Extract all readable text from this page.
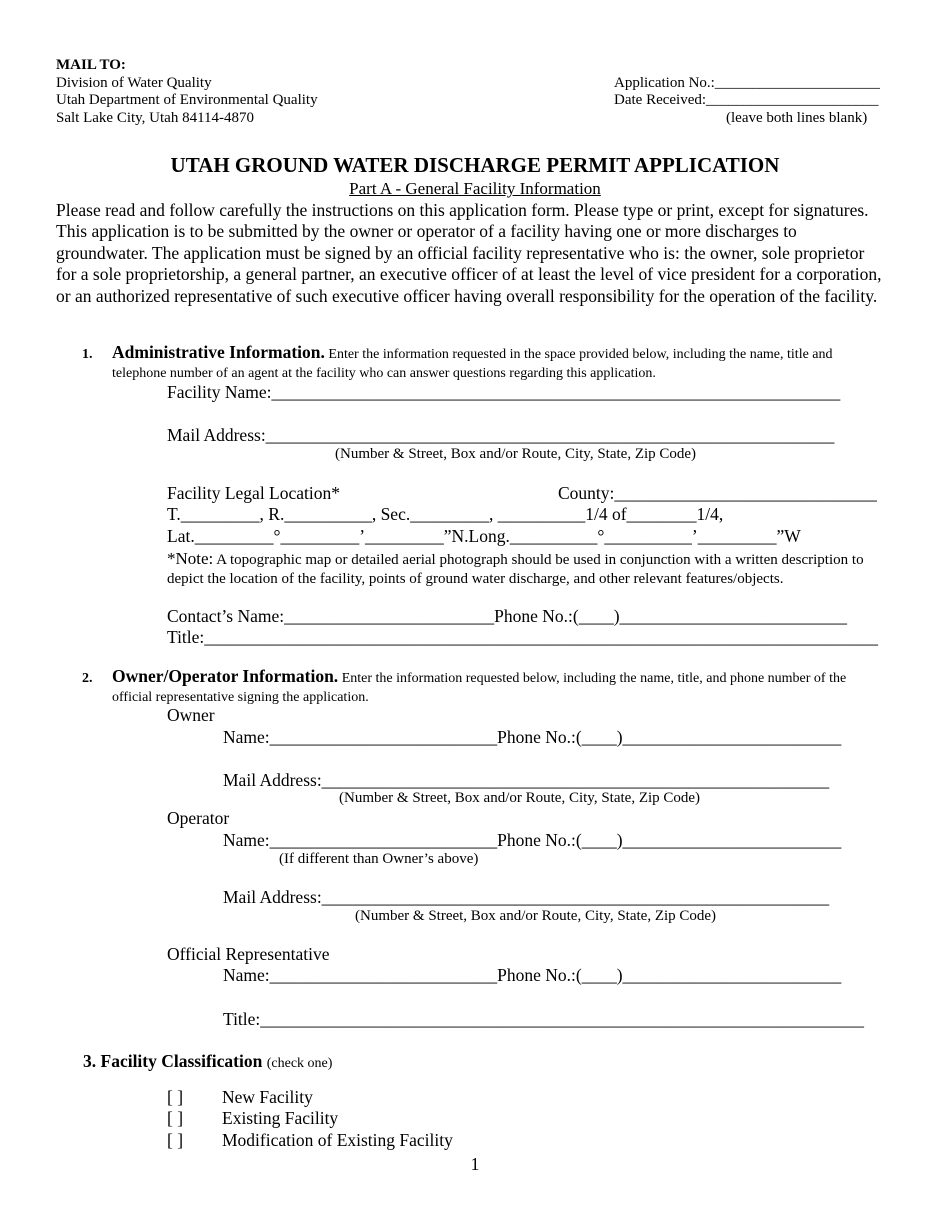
MAIL TO:
Division of Water Quality
Utah Department of Environmental Quality
Salt Lake City, Utah 84114-4870
Application No.:______________________
Date Received:_______________________
(leave both lines blank)
UTAH GROUND WATER DISCHARGE PERMIT APPLICATION
Part A - General Facility Information
Please read and follow carefully the instructions on this application form. Please type or print, except for signatures. This application is to be submitted by the owner or operator of a facility having one or more discharges to groundwater. The application must be signed by an official facility representative who is: the owner, sole proprietor for a sole proprietorship, a general partner, an executive officer of at least the level of vice president for a corporation, or an authorized representative of such executive officer having overall responsibility for the operation of the facility.
1. Administrative Information. Enter the information requested in the space provided below, including the name, title and telephone number of an agent at the facility who can answer questions regarding this application.
Facility Name:_________________________________________________________________
Mail Address:_________________________________________________________________
(Number & Street, Box and/or Route, City, State, Zip Code)
Facility Legal Location*	County:______________________________
T._________, R.__________, Sec._________, __________1/4 of________1/4,
Lat._________°_________’_________”N.Long.__________°__________’_________”W
*Note: A topographic map or detailed aerial photograph should be used in conjunction with a written description to depict the location of the facility, points of ground water discharge, and other relevant features/objects.
Contact’s Name:________________________Phone No.:(____)__________________________
Title:_____________________________________________________________________________
2. Owner/Operator Information. Enter the information requested below, including the name, title, and phone number of the official representative signing the application.
Owner
Name:__________________________Phone No.:(____)_________________________
Mail Address:__________________________________________________________
(Number & Street, Box and/or Route, City, State, Zip Code)
Operator
Name:__________________________Phone No.:(____)_________________________
(If different than Owner’s above)
Mail Address:__________________________________________________________
(Number & Street, Box and/or Route, City, State, Zip Code)
Official Representative
Name:__________________________Phone No.:(____)_________________________
Title:_____________________________________________________________________
3. Facility Classification (check one)
[ ] New Facility
[ ] Existing Facility
[ ] Modification of Existing Facility
1
